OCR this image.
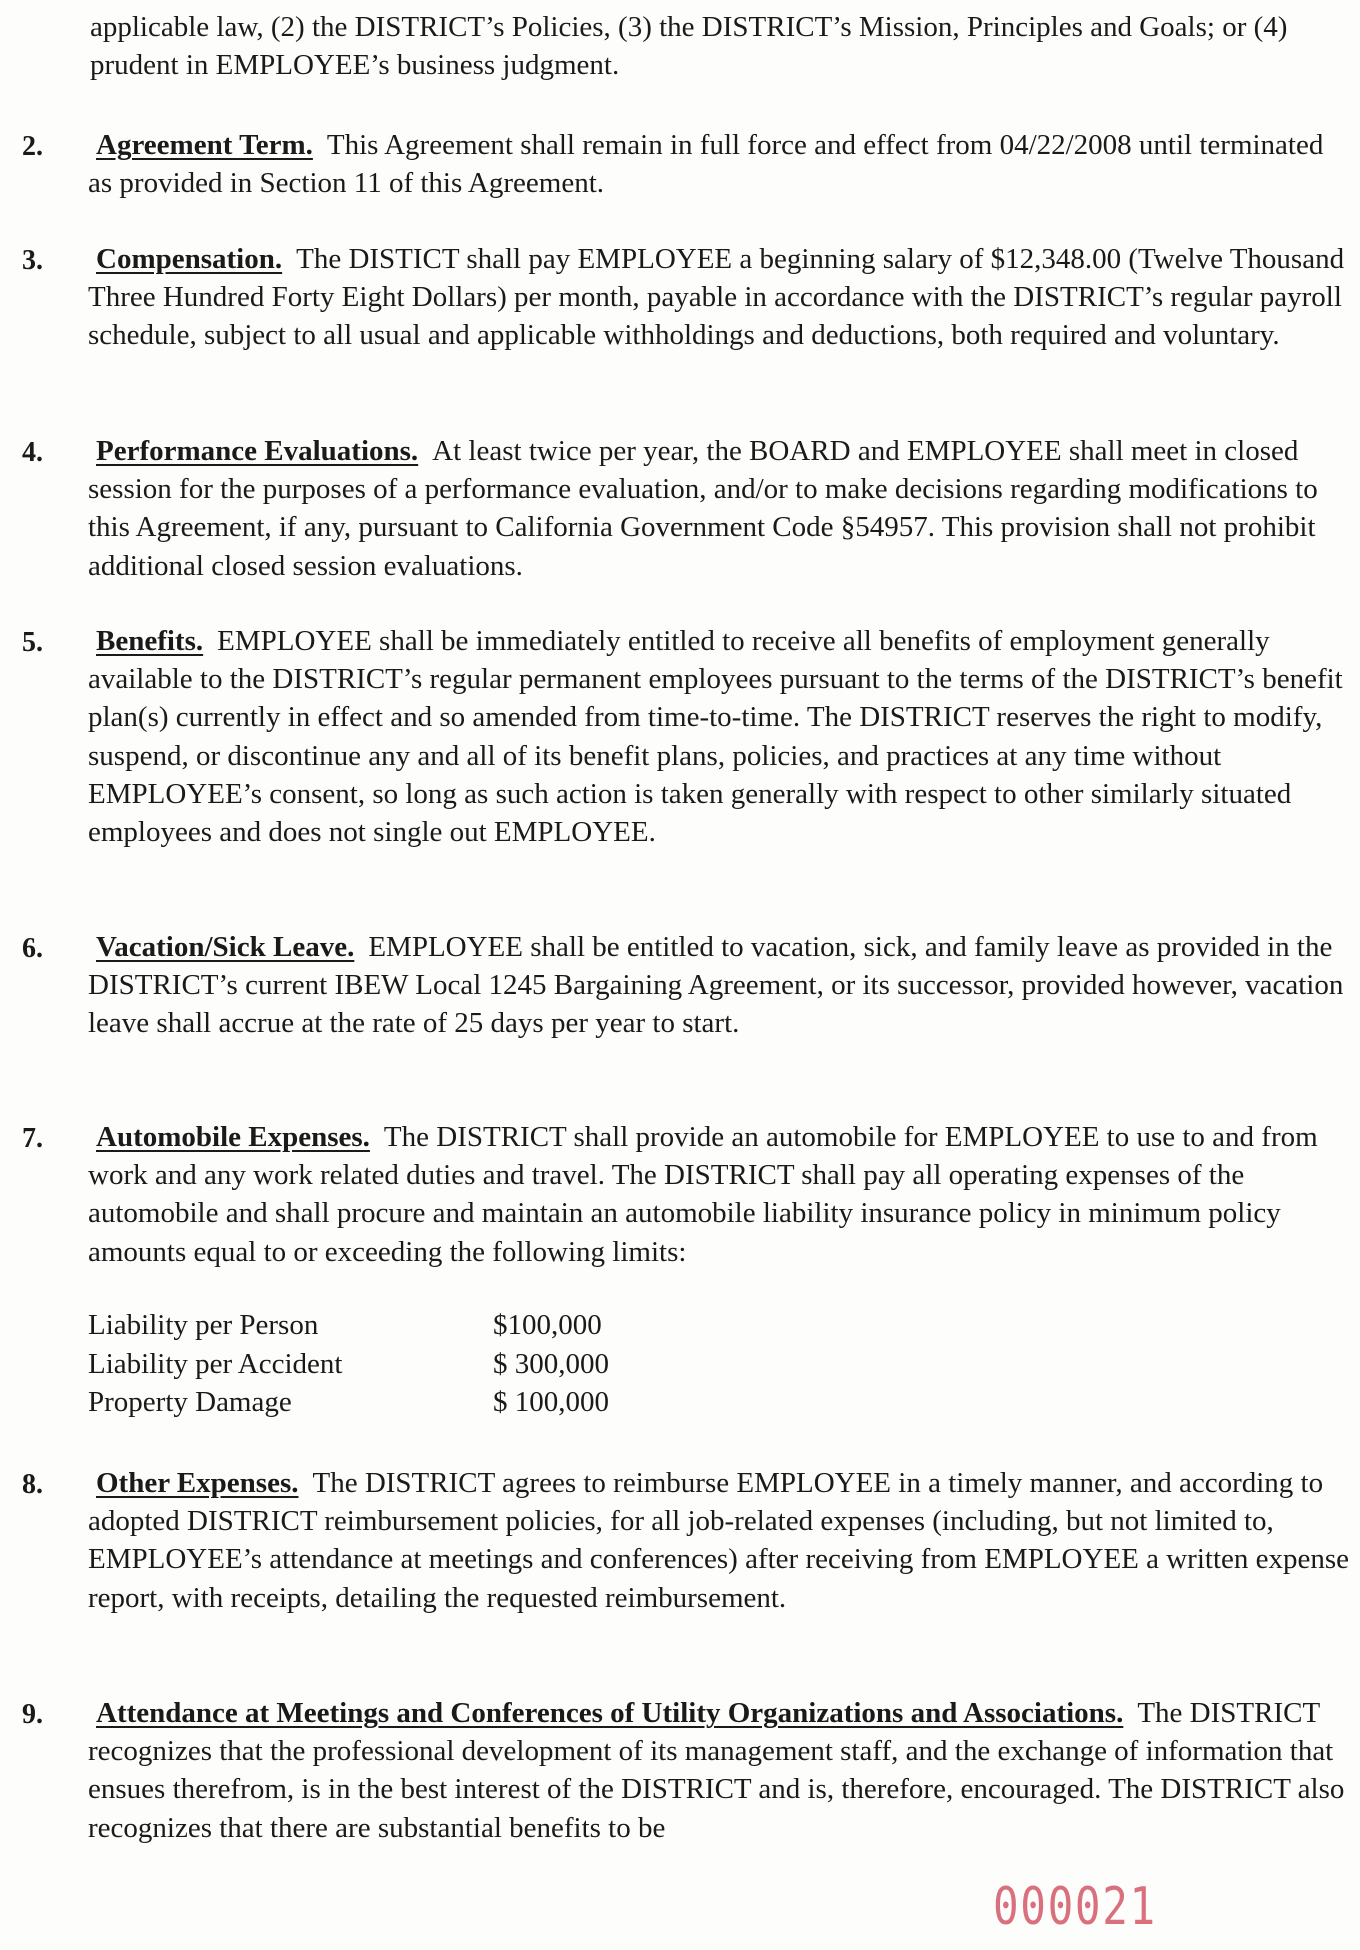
applicable law, (2) the DISTRICT’s Policies, (3) the DISTRICT’s Mission, Principles and Goals; or (4) prudent in EMPLOYEE’s business judgment.
2. Agreement Term. This Agreement shall remain in full force and effect from 04/22/2008 until terminated as provided in Section 11 of this Agreement.
3. Compensation. The DISTICT shall pay EMPLOYEE a beginning salary of $12,348.00 (Twelve Thousand Three Hundred Forty Eight Dollars) per month, payable in accordance with the DISTRICT’s regular payroll schedule, subject to all usual and applicable withholdings and deductions, both required and voluntary.
4. Performance Evaluations. At least twice per year, the BOARD and EMPLOYEE shall meet in closed session for the purposes of a performance evaluation, and/or to make decisions regarding modifications to this Agreement, if any, pursuant to California Government Code §54957. This provision shall not prohibit additional closed session evaluations.
5. Benefits. EMPLOYEE shall be immediately entitled to receive all benefits of employment generally available to the DISTRICT’s regular permanent employees pursuant to the terms of the DISTRICT’s benefit plan(s) currently in effect and so amended from time-to-time. The DISTRICT reserves the right to modify, suspend, or discontinue any and all of its benefit plans, policies, and practices at any time without EMPLOYEE’s consent, so long as such action is taken generally with respect to other similarly situated employees and does not single out EMPLOYEE.
6. Vacation/Sick Leave. EMPLOYEE shall be entitled to vacation, sick, and family leave as provided in the DISTRICT’s current IBEW Local 1245 Bargaining Agreement, or its successor, provided however, vacation leave shall accrue at the rate of 25 days per year to start.
7. Automobile Expenses. The DISTRICT shall provide an automobile for EMPLOYEE to use to and from work and any work related duties and travel. The DISTRICT shall pay all operating expenses of the automobile and shall procure and maintain an automobile liability insurance policy in minimum policy amounts equal to or exceeding the following limits:
Liability per Person	$100,000
Liability per Accident	$ 300,000
Property Damage	$ 100,000
8. Other Expenses. The DISTRICT agrees to reimburse EMPLOYEE in a timely manner, and according to adopted DISTRICT reimbursement policies, for all job-related expenses (including, but not limited to, EMPLOYEE’s attendance at meetings and conferences) after receiving from EMPLOYEE a written expense report, with receipts, detailing the requested reimbursement.
9. Attendance at Meetings and Conferences of Utility Organizations and Associations. The DISTRICT recognizes that the professional development of its management staff, and the exchange of information that ensues therefrom, is in the best interest of the DISTRICT and is, therefore, encouraged. The DISTRICT also recognizes that there are substantial benefits to be
000021
